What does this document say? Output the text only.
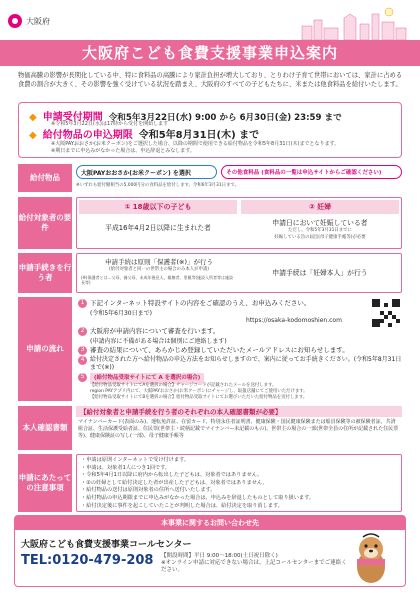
大阪府
大阪府こども食費支援事業申込案内
物価高騰の影響が長期化している中、特に食料品の高騰により家計負担が増大しており、とりわけ子育て世帯においては、家計に占める食費の割合が大きく、その影響を強く受けている状況を踏まえ、大阪府のすべての子どもたちに、米または他食料品を給付いたします。
◆ 申請受付期間 令和5年3月22日(水) 9:00 から 6月30日(金) 23:59 まで
※令和5年3月22日(水)は17時から受付を開始します
◆ 給付物品の申込期限 令和5年8月31日(木) まで
※大阪PAYおおさか(お米クーポン)をご選択した場合、以降の期間で使用できる給付物品を令和5年8月31日(木)までとなります。
※期日までに申込みがなかった場合は、申込辞退とみなします。
給付物品	大阪PAYおおさか(お米クーポン) を選択	その他食料品 (食料品の一覧は申込サイトからご確認ください)
※いずれも給付額相当の5,000円分の食料品を給付します。令和6年3月31日まで。
給付対象者の要件
① 18歳以下の子ども	② 妊婦
平成16年4月2日以降に生まれた者
申請日において妊娠している者
ただし、令和5年3月31日までに
妊娠している旨の届出(母子健康手帳等)が必要
申請手続きを行う者
申請手続は原則「保護者(※)」が行う
(給付対象者と同一の世帯主の場合のみ本人が申請)
(※)保護者とは…父母、養父母、未成年後見人、親権者、里親等(施設入所者等は施設長等)
申請手続は「妊婦本人」が行う
申請の流れ
1 下記インターネット特設サイトの内容をご確認のうえ、お申込みください。
(令和5年6月30日まで)
https://osaka-kodomoshien.com
2 大阪府が申請内容について審査を行います。
(申請内容に不備がある場合は個別にご連絡します)
3 審査の結果について、あらかじめ登録していただいたメールアドレスにお知らせします。
4 給付決定された方へ給付物品の申込方法をお知らせしますので、案内に従ってお手続きください。(令和5年8月31日まで(※))
5	(給付物品受取サイトにて A を選択の場合)
【給付物品受取サイトにてAを選択の場合】チャージコードが記載されたメールを送付します。
region PAYアプリ内にて、大阪PAYおおさか(お米クーポン)にチャージし、取扱店舗にてご使用いただけます。
【給付物品受取サイトにてBを選択の場合】給付物品受取サイトにてお選びいただいた給付物品を送付します。
本人確認書類
【給付対象者と申請手続を行う者のそれぞれの本人確認書類が必要】
マイナンバーカード(表面のみ)、運転免許証、在留カード、特別永住者証明書、健康保険・国民健康保険または船員保険等の被保険者証、共済組合証、生活保護受給者証、住民票(世帯主・続柄記載でマイナンバー未記載のもの)、世帯主の場合の一部(世帯全員の住所が記載された住民票等)、健康保険証の写し(一部)、母子健康手帳等
申請にあたっての注意事項
・申請は原則インターネットで受け付けます。
・申請は、対象者1人につき1回です。
・令和5年4月1日以降に府内から転出した子どもは、対象者ではありません。
・②の妊婦として給付決定した者が出産した子どもは、対象者ではありません。
・給付物品の送付は原則対象者の住所へ送付いたします。
・給付物品の申込期限までに申込みがなかった場合は、申込みを辞退したものとして取り扱います。
・給付決定後に事件を起こしていたことが判明した場合は、給付決定を取り消します。
本事業に関するお問い合わせ先
大阪府こども食費支援事業コールセンター
TEL:0120-479-208 【開設時間】平日 9:00〜18:00(土日祝日除く)
※オンライン申請に対応できない場合は、上記コールセンターまでご連絡ください。
